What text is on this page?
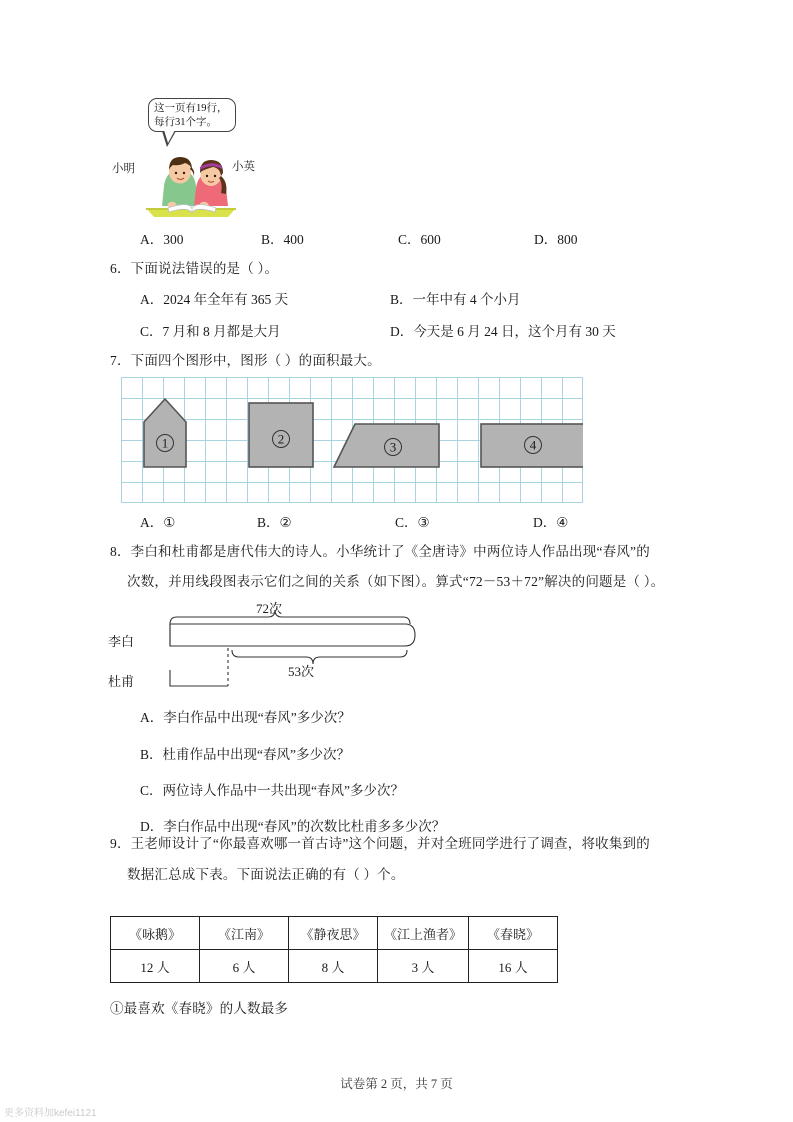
这一页有19行，
每行31个字。
小明	小英
A．300	B．400	C．600	D．800
6．下面说法错误的是（ ）。
A．2024 年全年有 365 天	B．一年中有 4 个小月
C．7 月和 8 月都是大月	D．今天是 6 月 24 日，这个月有 30 天
7．下面四个图形中，图形（ ）的面积最大。
1	2
3	4
A．①	B．②	C．③	D．④
8．李白和杜甫都是唐代伟大的诗人。小华统计了《全唐诗》中两位诗人作品出现“春风”的
次数，并用线段图表示它们之间的关系（如下图）。算式“72－53＋72”解决的问题是（ ）。
72次
李白
杜甫
53次
A．李白作品中出现“春风”多少次？
B．杜甫作品中出现“春风”多少次？
C．两位诗人作品中一共出现“春风”多少次？
D．李白作品中出现“春风”的次数比杜甫多多少次？
9．王老师设计了“你最喜欢哪一首古诗”这个问题，并对全班同学进行了调查，将收集到的
数据汇总成下表。下面说法正确的有（ ）个。
《咏鹅》	《江南》	《静夜思》	《江上渔者》	《春晓》
12 人	6 人	8 人	3 人	16 人
①最喜欢《春晓》的人数最多
试卷第 2 页，共 7 页
更多资料加kefei1121
